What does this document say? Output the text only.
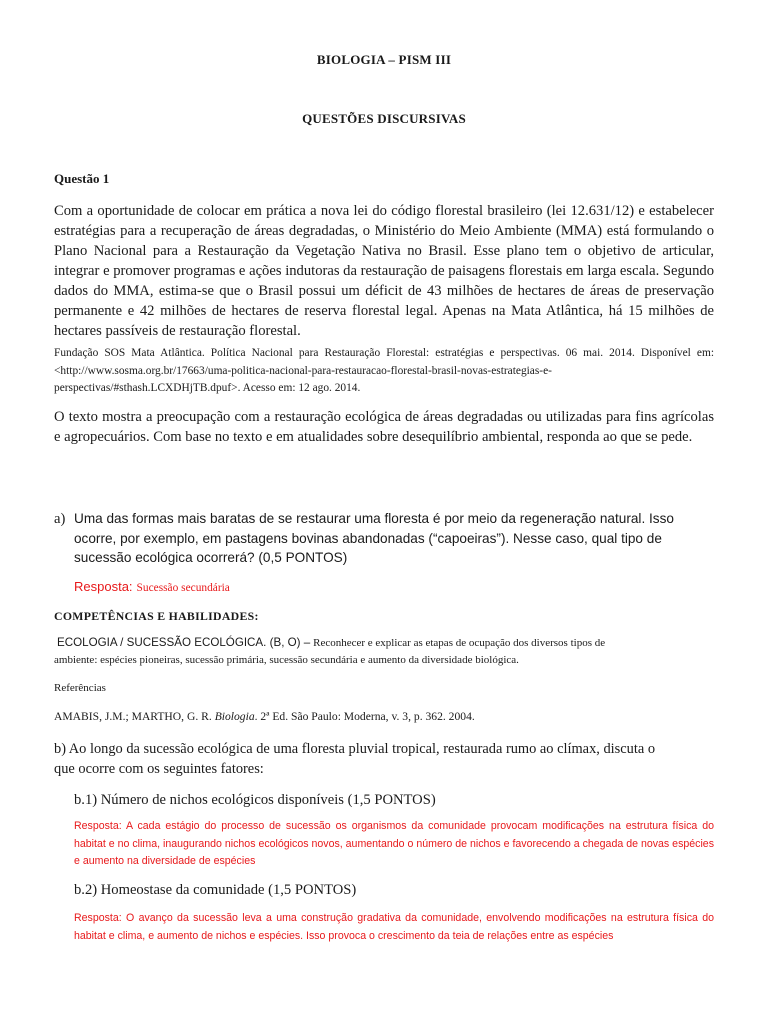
BIOLOGIA – PISM III
QUESTÕES DISCURSIVAS
Questão 1

Com a oportunidade de colocar em prática a nova lei do código florestal brasileiro (lei 12.631/12) e estabelecer estratégias para a recuperação de áreas degradadas, o Ministério do Meio Ambiente (MMA) está formulando o Plano Nacional para a Restauração da Vegetação Nativa no Brasil. Esse plano tem o objetivo de articular, integrar e promover programas e ações indutoras da restauração de paisagens florestais em larga escala. Segundo dados do MMA, estima-se que o Brasil possui um déficit de 43 milhões de hectares de áreas de preservação permanente e 42 milhões de hectares de reserva florestal legal. Apenas na Mata Atlântica, há 15 milhões de hectares passíveis de restauração florestal.

Fundação SOS Mata Atlântica. Política Nacional para Restauração Florestal: estratégias e perspectivas. 06 mai. 2014. Disponível em: <http://www.sosma.org.br/17663/uma-politica-nacional-para-restauracao-florestal-brasil-novas-estrategias-e-perspectivas/#sthash.LCXDHjTB.dpuf>. Acesso em: 12 ago. 2014.

O texto mostra a preocupação com a restauração ecológica de áreas degradadas ou utilizadas para fins agrícolas e agropecuários. Com base no texto e em atualidades sobre desequilíbrio ambiental, responda ao que se pede.

a) Uma das formas mais baratas de se restaurar uma floresta é por meio da regeneração natural. Isso
ocorre, por exemplo, em pastagens bovinas abandonadas (“capoeiras”). Nesse caso, qual tipo de
sucessão ecológica ocorrerá? (0,5 PONTOS)
Resposta: Sucessão secundária
COMPETÊNCIAS E HABILIDADES:
ECOLOGIA / SUCESSÃO ECOLÓGICA. (B, O) – Reconhecer e explicar as etapas de ocupação dos diversos tipos de
ambiente: espécies pioneiras, sucessão primária, sucessão secundária e aumento da diversidade biológica.
Referências
AMABIS, J.M.; MARTHO, G. R. Biologia. 2ª Ed. São Paulo: Moderna, v. 3, p. 362. 2004.
b) Ao longo da sucessão ecológica de uma floresta pluvial tropical, restaurada rumo ao clímax, discuta o
que ocorre com os seguintes fatores:
b.1) Número de nichos ecológicos disponíveis (1,5 PONTOS)

Resposta: A cada estágio do processo de sucessão os organismos da comunidade provocam modificações na estrutura física do habitat e no clima, inaugurando nichos ecológicos novos, aumentando o número de nichos e favorecendo a chegada de novas espécies e aumento na diversidade de espécies

b.2) Homeostase da comunidade (1,5 PONTOS)

Resposta: O avanço da sucessão leva a uma construção gradativa da comunidade, envolvendo modificações na estrutura física do habitat e clima, e aumento de nichos e espécies. Isso provoca o crescimento da teia de relações entre as espécies
